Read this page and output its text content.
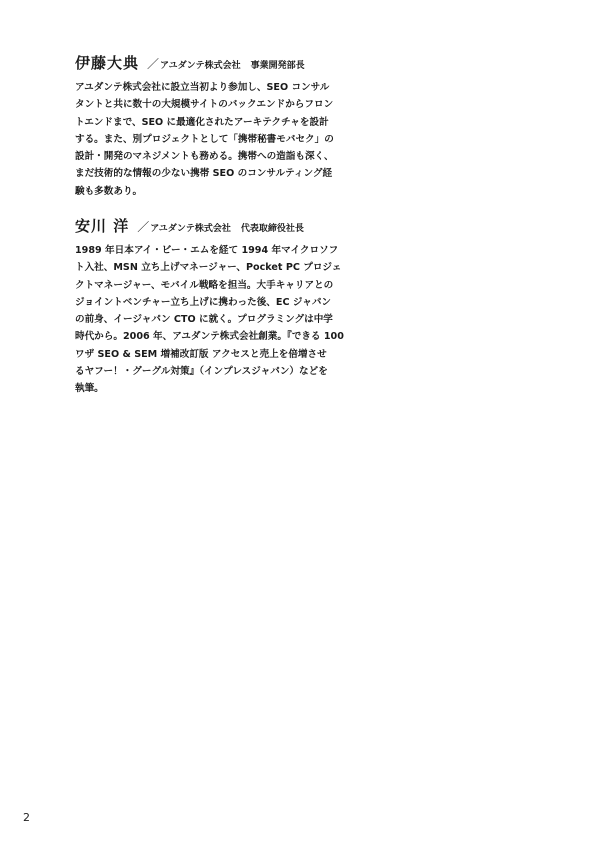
伊藤大典 ／ アユダンテ株式会社 事業開発部長
アユダンテ株式会社に設立当初より参加し、SEO コンサル
タントと共に数十の大規模サイトのバックエンドからフロン
トエンドまで、SEO に最適化されたアーキテクチャを設計
する。また、別プロジェクトとして「携帯秘書モバセク」の
設計・開発のマネジメントも務める。携帯への造詣も深く、
まだ技術的な情報の少ない携帯 SEO のコンサルティング経
験も多数あり。
安川 洋 ／ アユダンテ株式会社 代表取締役社長
1989 年日本アイ・ビー・エムを経て 1994 年マイクロソフ
ト入社、MSN 立ち上げマネージャー、Pocket PC プロジェ
クトマネージャー、モバイル戦略を担当。大手キャリアとの
ジョイントベンチャー立ち上げに携わった後、EC ジャパン
の前身、イージャパン CTO に就く。プログラミングは中学
時代から。2006 年、アユダンテ株式会社創業。『できる 100
ワザ SEO & SEM 増補改訂版 アクセスと売上を倍増させ
るヤフー！・グーグル対策』（インプレスジャパン）などを
執筆。
2
